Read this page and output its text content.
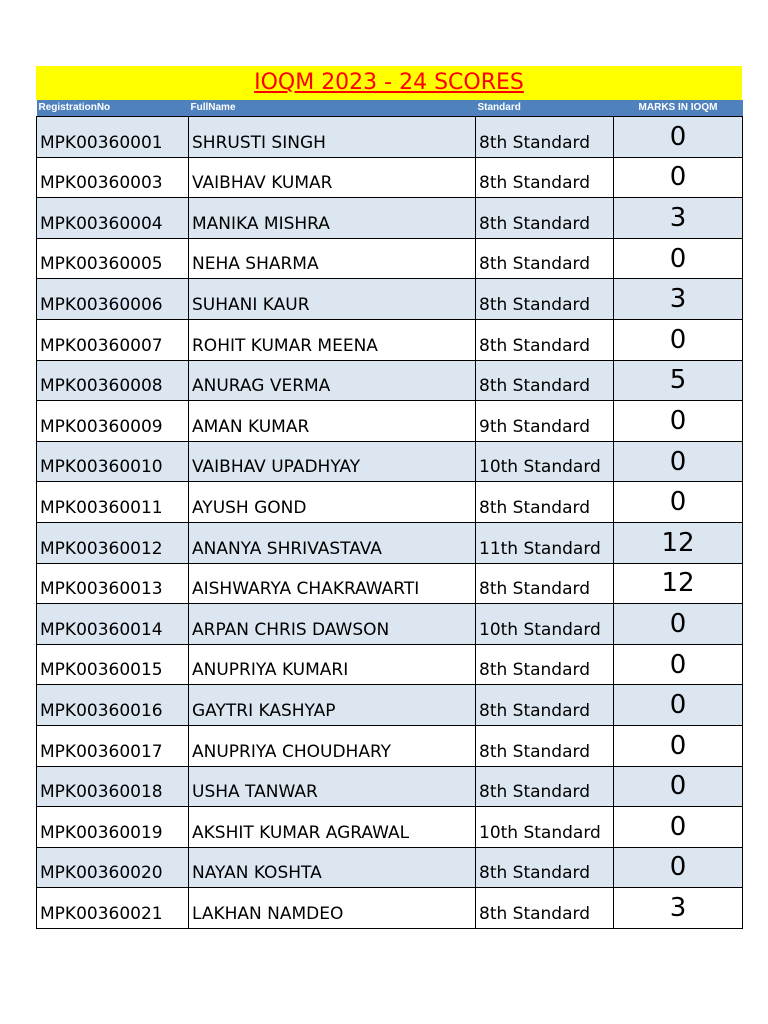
IOQM 2023 - 24 SCORES
RegistrationNo	FullName	Standard	MARKS IN IOQM
MPK00360001	SHRUSTI SINGH	8th Standard	0
MPK00360003	VAIBHAV KUMAR	8th Standard	0
MPK00360004	MANIKA MISHRA	8th Standard	3
MPK00360005	NEHA SHARMA	8th Standard	0
MPK00360006	SUHANI KAUR	8th Standard	3
MPK00360007	ROHIT KUMAR MEENA	8th Standard	0
MPK00360008	ANURAG VERMA	8th Standard	5
MPK00360009	AMAN KUMAR	9th Standard	0
MPK00360010	VAIBHAV UPADHYAY	10th Standard	0
MPK00360011	AYUSH GOND	8th Standard	0
MPK00360012	ANANYA SHRIVASTAVA	11th Standard	12
MPK00360013	AISHWARYA CHAKRAWARTI	8th Standard	12
MPK00360014	ARPAN CHRIS DAWSON	10th Standard	0
MPK00360015	ANUPRIYA KUMARI	8th Standard	0
MPK00360016	GAYTRI KASHYAP	8th Standard	0
MPK00360017	ANUPRIYA CHOUDHARY	8th Standard	0
MPK00360018	USHA TANWAR	8th Standard	0
MPK00360019	AKSHIT KUMAR AGRAWAL	10th Standard	0
MPK00360020	NAYAN KOSHTA	8th Standard	0
MPK00360021	LAKHAN NAMDEO	8th Standard	3
